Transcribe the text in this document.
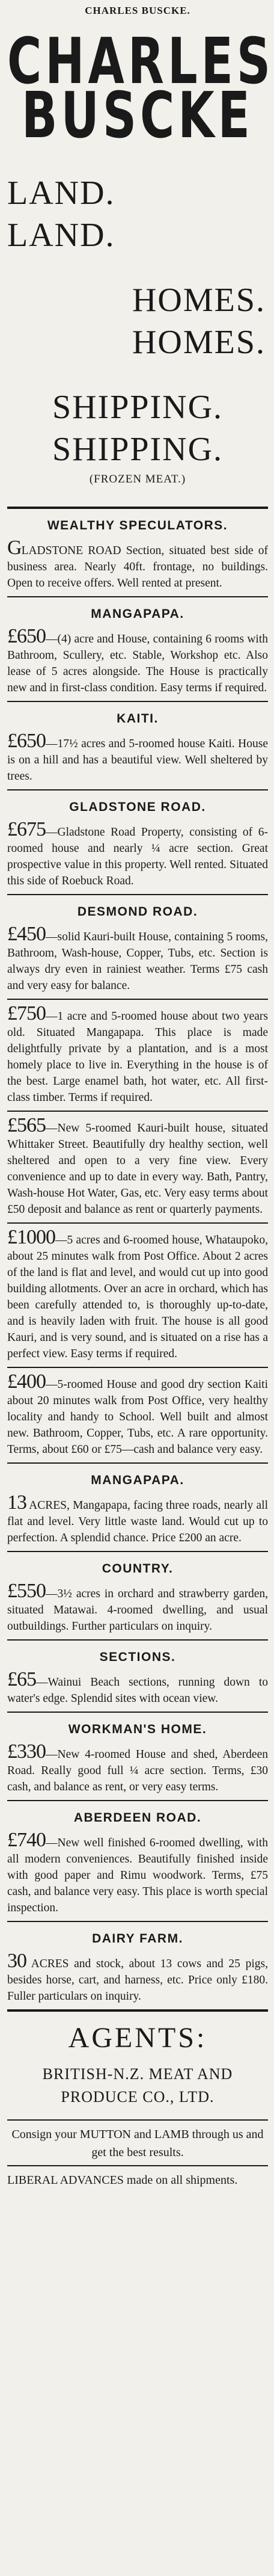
CHARLES BUSCKE.
CHARLES
BUSCKE
LAND.
LAND.
HOMES.
HOMES.
SHIPPING.
SHIPPING.
(FROZEN MEAT.)
WEALTHY SPECULATORS.

GLADSTONE ROAD Section, situated best side of business area. Nearly 40ft. frontage, no buildings. Open to receive offers. Well rented at present.

MANGAPAPA.

£650—(4) acre and House, containing 6 rooms with Bathroom, Scullery, etc. Stable, Workshop etc. Also lease of 5 acres alongside. The House is practically new and in first-class condition. Easy terms if required.

KAITI.

£650—17½ acres and 5-roomed house Kaiti. House is on a hill and has a beautiful view. Well sheltered by trees.

GLADSTONE ROAD.

£675—Gladstone Road Property, consisting of 6-roomed house and nearly ¼ acre section. Great prospective value in this property. Well rented. Situated this side of Roebuck Road.

DESMOND ROAD.

£450—solid Kauri-built House, containing 5 rooms, Bathroom, Wash-house, Copper, Tubs, etc. Section is always dry even in rainiest weather. Terms £75 cash and very easy for balance.

£750—1 acre and 5-roomed house about two years old. Situated Mangapapa. This place is made delightfully private by a plantation, and is a most homely place to live in. Everything in the house is of the best. Large enamel bath, hot water, etc. All first-class timber. Terms if required.

£565—New 5-roomed Kauri-built house, situated Whittaker Street. Beautifully dry healthy section, well sheltered and open to a very fine view. Every convenience and up to date in every way. Bath, Pantry, Wash-house Hot Water, Gas, etc. Very easy terms about £50 deposit and balance as rent or quarterly payments.

£1000—5 acres and 6-roomed house, Whataupoko, about 25 minutes walk from Post Office. About 2 acres of the land is flat and level, and would cut up into good building allotments. Over an acre in orchard, which has been carefully attended to, is thoroughly up-to-date, and is heavily laden with fruit. The house is all good Kauri, and is very sound, and is situated on a rise has a perfect view. Easy terms if required.

£400—5-roomed House and good dry section Kaiti about 20 minutes walk from Post Office, very healthy locality and handy to School. Well built and almost new. Bathroom, Copper, Tubs, etc. A rare opportunity. Terms, about £60 or £75—cash and balance very easy.

MANGAPAPA.

13 ACRES, Mangapapa, facing three roads, nearly all flat and level. Very little waste land. Would cut up to perfection. A splendid chance. Price £200 an acre.

COUNTRY.

£550—3½ acres in orchard and strawberry garden, situated Matawai. 4-roomed dwelling, and usual outbuildings. Further particulars on inquiry.

SECTIONS.

£65—Wainui Beach sections, running down to water's edge. Splendid sites with ocean view.

WORKMAN'S HOME.

£330—New 4-roomed House and shed, Aberdeen Road. Really good full ¼ acre section. Terms, £30 cash, and balance as rent, or very easy terms.

ABERDEEN ROAD.

£740—New well finished 6-roomed dwelling, with all modern conveniences. Beautifully finished inside with good paper and Rimu woodwork. Terms, £75 cash, and balance very easy. This place is worth special inspection.

DAIRY FARM.

30 ACRES and stock, about 13 cows and 25 pigs, besides horse, cart, and harness, etc. Price only £180. Fuller particulars on inquiry.

AGENTS:
BRITISH-N.Z. MEAT AND PRODUCE CO., LTD.
Consign your MUTTON and LAMB through us and get the best results.
LIBERAL ADVANCES made on all shipments.
